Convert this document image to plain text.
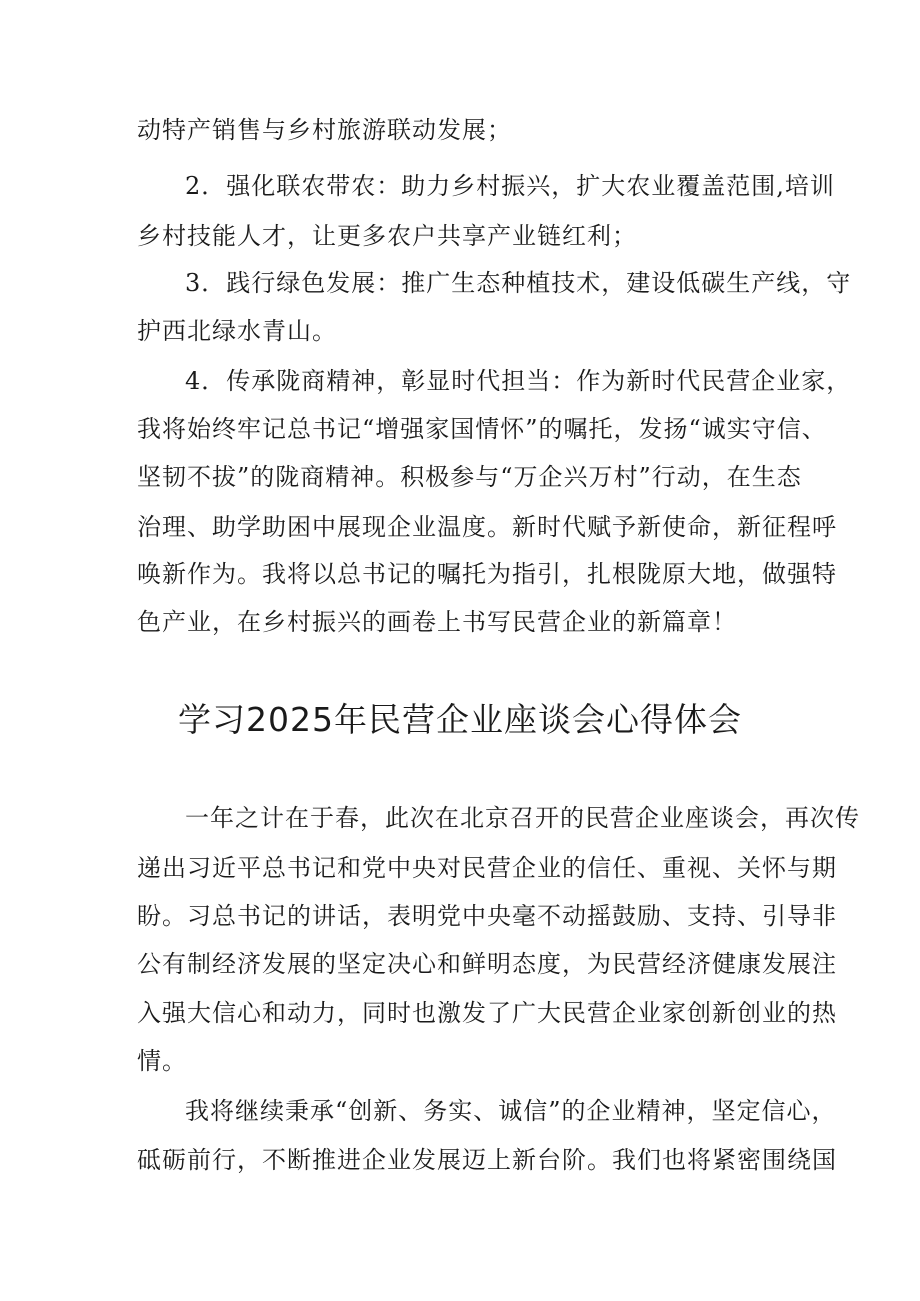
动特产销售与乡村旅游联动发展；
2．强化联农带农：助力乡村振兴，扩大农业覆盖范围,培训
乡村技能人才，让更多农户共享产业链红利；
3．践行绿色发展：推广生态种植技术，建设低碳生产线，守
护西北绿水青山。
4．传承陇商精神，彰显时代担当：作为新时代民营企业家，
我将始终牢记总书记“增强家国情怀”的嘱托，发扬“诚实守信、
坚韧不拔”的陇商精神。积极参与“万企兴万村”行动，在生态
治理、助学助困中展现企业温度。新时代赋予新使命，新征程呼
唤新作为。我将以总书记的嘱托为指引，扎根陇原大地，做强特
色产业，在乡村振兴的画卷上书写民营企业的新篇章！
学习2025年民营企业座谈会心得体会
一年之计在于春，此次在北京召开的民营企业座谈会，再次传
递出习近平总书记和党中央对民营企业的信任、重视、关怀与期
盼。习总书记的讲话，表明党中央毫不动摇鼓励、支持、引导非
公有制经济发展的坚定决心和鲜明态度，为民营经济健康发展注
入强大信心和动力，同时也激发了广大民营企业家创新创业的热
情。
我将继续秉承“创新、务实、诚信”的企业精神，坚定信心，
砥砺前行，不断推进企业发展迈上新台阶。我们也将紧密围绕国
